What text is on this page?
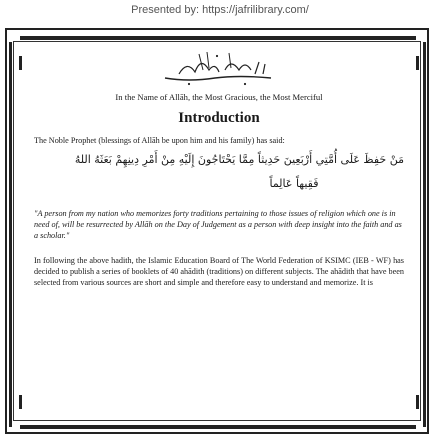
Presented by: https://jafrilibrary.com/
In the Name of Allāh, the Most Gracious, the Most Merciful
Introduction

The Noble Prophet (blessings of Allāh be upon him and his family) has said:

مَنْ حَفِظَ عَلَى أُمَّتِي أَرْبَعِينَ حَدِيثاً مِمَّا يَحْتَاجُونَ إِلَيْهِ مِنْ أَمْرِ دِينِهِمْ بَعَثَهُ اللهُ

فَقِيهاً عَالِماً

"A person from my nation who memorizes forty traditions pertaining to those issues of religion which one is in need of, will be resurrected by Allāh on the Day of Judgement as a person with deep insight into the faith and as a scholar."

In following the above hadith, the Islamic Education Board of The World Federation of KSIMC (IEB - WF) has decided to publish a series of booklets of 40 ahādith (traditions) on different subjects. The ahādith that have been selected from various sources are short and simple and therefore easy to understand and memorize. It is
